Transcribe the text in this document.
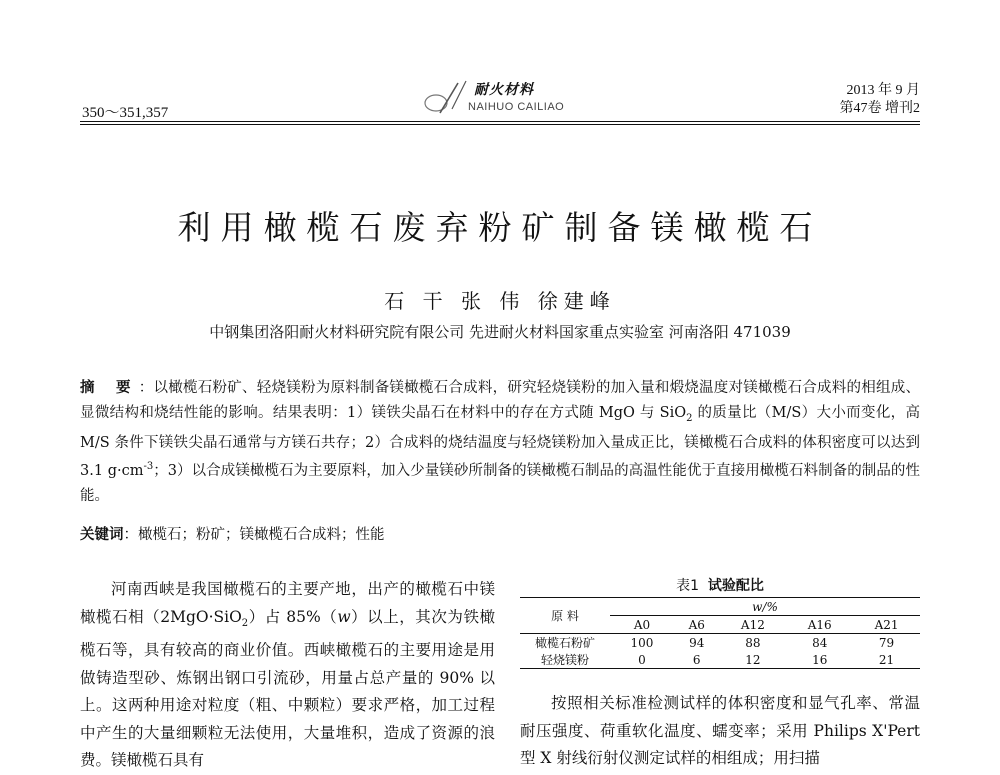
350～351,357
耐火材料
NAIHUO CAILIAO
2013 年 9 月
第47卷 增刊2
利用橄榄石废弃粉矿制备镁橄榄石
石 干 张 伟 徐建峰
中钢集团洛阳耐火材料研究院有限公司 先进耐火材料国家重点实验室 河南洛阳 471039
摘 要：以橄榄石粉矿、轻烧镁粉为原料制备镁橄榄石合成料，研究轻烧镁粉的加入量和煅烧温度对镁橄榄石合成料的相组成、显微结构和烧结性能的影响。结果表明：1）镁铁尖晶石在材料中的存在方式随 MgO 与 SiO$_2$ 的质量比（M/S）大小而变化，高 M/S 条件下镁铁尖晶石通常与方镁石共存；2）合成料的烧结温度与轻烧镁粉加入量成正比，镁橄榄石合成料的体积密度可以达到 3.1 $g\cdot cm^{-3}$；3）以合成镁橄榄石为主要原料，加入少量镁砂所制备的镁橄榄石制品的高温性能优于直接用橄榄石料制备的制品的性能。
关键词：橄榄石；粉矿；镁橄榄石合成料；性能

河南西峡是我国橄榄石的主要产地，出产的橄榄石中镁橄榄石相（2MgO·SiO$_2$）占 85%（w）以上，其次为铁橄榄石等，具有较高的商业价值。西峡橄榄石的主要用途是用做铸造型砂、炼钢出钢口引流砂，用量占总产量的 90% 以上。这两种用途对粒度（粗、中颗粒）要求严格，加工过程中产生的大量细颗粒无法使用，大量堆积，造成了资源的浪费。镁橄榄石具有

表1 试验配比
原 料	w/%				
	A0	A6	A12	A16	A21
橄榄石粉矿	100	94	88	84	79
轻烧镁粉	0	6	12	16	21

按照相关标准检测试样的体积密度和显气孔率、常温耐压强度、荷重软化温度、蠕变率；采用 Philips X'Pert 型 X 射线衍射仪测定试样的相组成；用扫描
